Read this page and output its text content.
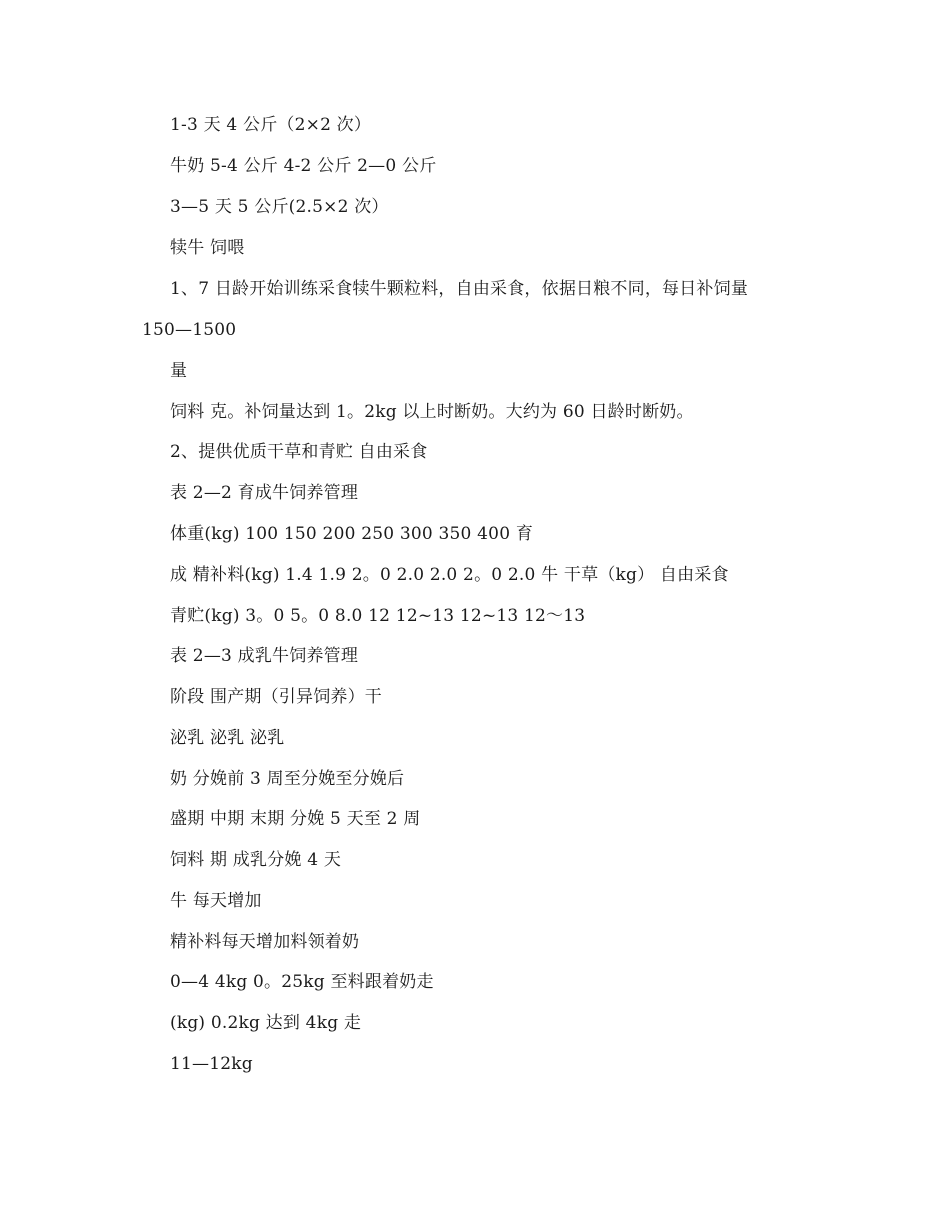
1-3 天 4 公斤（2×2 次）
牛奶 5-4 公斤 4-2 公斤 2—0 公斤
3—5 天 5 公斤(2.5×2 次）
犊牛 饲喂
1、7 日龄开始训练采食犊牛颗粒料，自由采食，依据日粮不同，每日补饲量
150—1500
量
饲料 克。补饲量达到 1。2kg 以上时断奶。大约为 60 日龄时断奶。
2、提供优质干草和青贮 自由采食
表 2—2 育成牛饲养管理
体重(kg) 100 150 200 250 300 350 400 育
成 精补料(kg) 1.4 1.9 2。0 2.0 2.0 2。0 2.0 牛 干草（kg） 自由采食
青贮(kg) 3。0 5。0 8.0 12 12~13 12~13 12～13
表 2—3 成乳牛饲养管理
阶段 围产期（引异饲养）干
泌乳 泌乳 泌乳
奶 分娩前 3 周至分娩至分娩后
盛期 中期 末期 分娩 5 天至 2 周
饲料 期 成乳分娩 4 天
牛 每天增加
精补料每天增加料领着奶
0—4 4kg 0。25kg 至料跟着奶走
(kg) 0.2kg 达到 4kg 走
11—12kg
